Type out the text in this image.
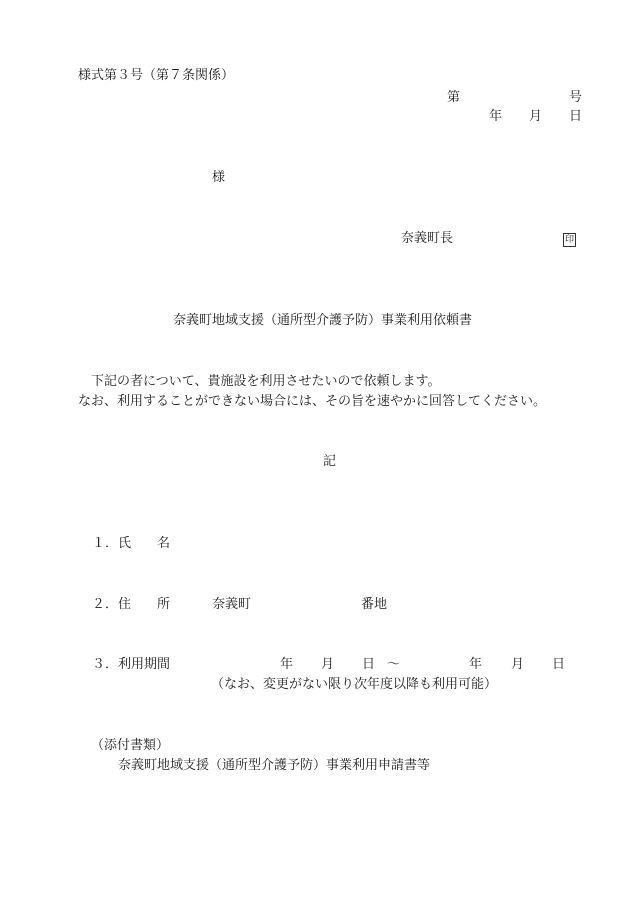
様式第３号（第７条関係）
第	号
年 月 日
様
奈義町長	印
奈義町地域支援（通所型介護予防）事業利用依頼書
下記の者について、貴施設を利用させたいので依頼します。
なお、利用することができない場合には、その旨を速やかに回答してください。
記
１． 氏 名
２． 住 所	奈義町	番地
３． 利用期間	年 月 日 ～	年 月 日
（なお、変更がない限り次年度以降も利用可能）
（添付書類）
奈義町地域支援（通所型介護予防）事業利用申請書等
